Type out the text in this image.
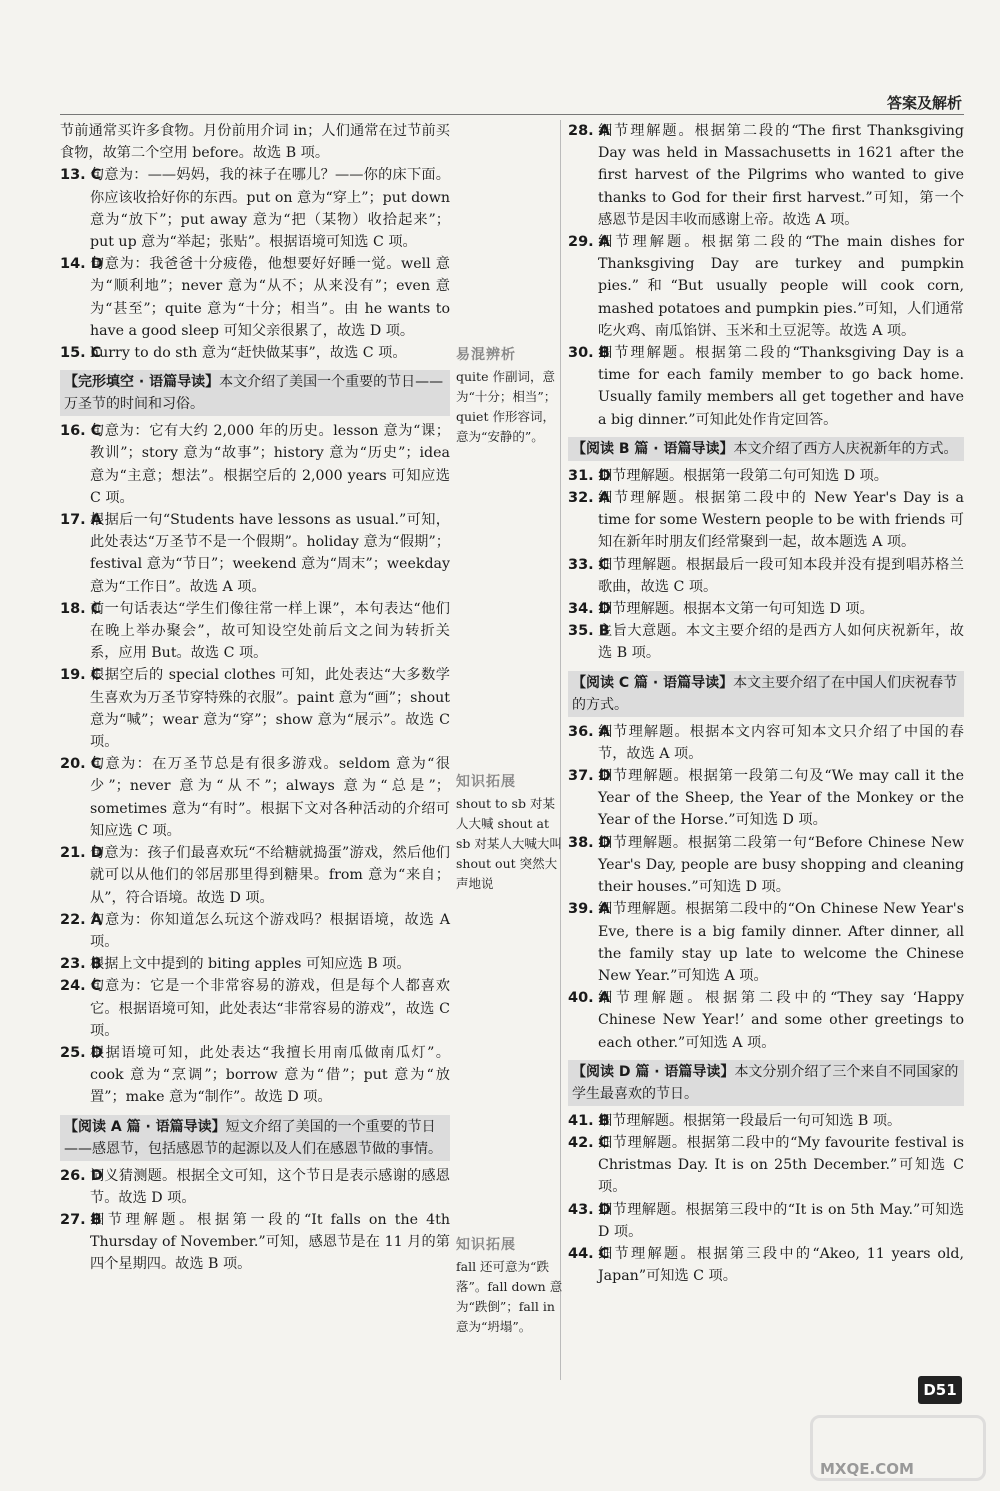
答案及解析

节前通常买许多食物。月份前用介词 in；人们通常在过节前买食物，故第二个空用 before。故选 B 项。

13. C
句意为：——妈妈，我的袜子在哪儿？——你的床下面。你应该收拾好你的东西。put on 意为“穿上”；put down 意为“放下”；put away 意为“把（某物）收拾起来”；put up 意为“举起；张贴”。根据语境可知选 C 项。

14. D
句意为：我爸爸十分疲倦，他想要好好睡一觉。well 意为“顺利地”；never 意为“从不；从来没有”；even 意为“甚至”；quite 意为“十分；相当”。由 he wants to have a good sleep 可知父亲很累了，故选 D 项。

15. C
hurry to do sth 意为“赶快做某事”，故选 C 项。

【完形填空 · 语篇导读】本文介绍了美国一个重要的节日——万圣节的时间和习俗。

16. C
句意为：它有大约 2,000 年的历史。lesson 意为“课；教训”；story 意为“故事”；history 意为“历史”；idea 意为“主意；想法”。根据空后的 2,000 years 可知应选 C 项。

17. A
根据后一句“Students have lessons as usual.”可知，此处表达“万圣节不是一个假期”。holiday 意为“假期”；festival 意为“节日”；weekend 意为“周末”；weekday 意为“工作日”。故选 A 项。

18. C
前一句话表达“学生们像往常一样上课”，本句表达“他们在晚上举办聚会”，故可知设空处前后文之间为转折关系，应用 But。故选 C 项。

19. C
根据空后的 special clothes 可知，此处表达“大多数学生喜欢为万圣节穿特殊的衣服”。paint 意为“画”；shout 意为“喊”；wear 意为“穿”；show 意为“展示”。故选 C 项。

20. C
句意为：在万圣节总是有很多游戏。seldom 意为“很少”；never 意为“从不”；always 意为“总是”；sometimes 意为“有时”。根据下文对各种活动的介绍可知应选 C 项。

21. D
句意为：孩子们最喜欢玩“不给糖就捣蛋”游戏，然后他们就可以从他们的邻居那里得到糖果。from 意为“来自；从”，符合语境。故选 D 项。

22. A
句意为：你知道怎么玩这个游戏吗？根据语境，故选 A 项。

23. B
根据上文中提到的 biting apples 可知应选 B 项。

24. C
句意为：它是一个非常容易的游戏，但是每个人都喜欢它。根据语境可知，此处表达“非常容易的游戏”，故选 C 项。

25. D
根据语境可知，此处表达“我擅长用南瓜做南瓜灯”。cook 意为“烹调”；borrow 意为“借”；put 意为“放置”；make 意为“制作”。故选 D 项。

【阅读 A 篇 · 语篇导读】短文介绍了美国的一个重要的节日——感恩节，包括感恩节的起源以及人们在感恩节做的事情。

26. D
词义猜测题。根据全文可知，这个节日是表示感谢的感恩节。故选 D 项。

27. B
细节理解题。根据第一段的“It falls on the 4th Thursday of November.”可知，感恩节是在 11 月的第四个星期四。故选 B 项。

易混辨析
quite 作副词，意为“十分；相当”；quiet 作形容词，意为“安静的”。
知识拓展
shout to sb 对某人大喊 shout at sb 对某人大喊大叫 shout out 突然大声地说
知识拓展
fall 还可意为“跌落”。fall down 意为“跌倒”；fall in 意为“坍塌”。

28. A
细节理解题。根据第二段的“The first Thanksgiving Day was held in Massachusetts in 1621 after the first harvest of the Pilgrims who wanted to give thanks to God for their first harvest.”可知，第一个感恩节是因丰收而感谢上帝。故选 A 项。

29. A
细节理解题。根据第二段的“The main dishes for Thanksgiving Day are turkey and pumpkin pies.”和“But usually people will cook corn, mashed potatoes and pumpkin pies.”可知，人们通常吃火鸡、南瓜馅饼、玉米和土豆泥等。故选 A 项。

30. B
细节理解题。根据第二段的“Thanksgiving Day is a time for each family member to go back home. Usually family members all get together and have a big dinner.”可知此处作肯定回答。

【阅读 B 篇 · 语篇导读】本文介绍了西方人庆祝新年的方式。

31. D
细节理解题。根据第一段第二句可知选 D 项。

32. A
细节理解题。根据第二段中的 New Year's Day is a time for some Western people to be with friends 可知在新年时朋友们经常聚到一起，故本题选 A 项。

33. C
细节理解题。根据最后一段可知本段并没有提到唱苏格兰歌曲，故选 C 项。

34. D
细节理解题。根据本文第一句可知选 D 项。

35. B
主旨大意题。本文主要介绍的是西方人如何庆祝新年，故选 B 项。

【阅读 C 篇 · 语篇导读】本文主要介绍了在中国人们庆祝春节的方式。

36. A
细节理解题。根据本文内容可知本文只介绍了中国的春节，故选 A 项。

37. D
细节理解题。根据第一段第二句及“We may call it the Year of the Sheep, the Year of the Monkey or the Year of the Horse.”可知选 D 项。

38. D
细节理解题。根据第二段第一句“Before Chinese New Year's Day, people are busy shopping and cleaning their houses.”可知选 D 项。

39. A
细节理解题。根据第二段中的“On Chinese New Year's Eve, there is a big family dinner. After dinner, all the family stay up late to welcome the Chinese New Year.”可知选 A 项。

40. A
细节理解题。根据第二段中的“They say ‘Happy Chinese New Year!’ and some other greetings to each other.”可知选 A 项。

【阅读 D 篇 · 语篇导读】本文分别介绍了三个来自不同国家的学生最喜欢的节日。

41. B
细节理解题。根据第一段最后一句可知选 B 项。

42. C
细节理解题。根据第二段中的“My favourite festival is Christmas Day. It is on 25th December.”可知选 C 项。

43. D
细节理解题。根据第三段中的“It is on 5th May.”可知选 D 项。

44. C
细节理解题。根据第三段中的“Akeo, 11 years old, Japan”可知选 C 项。

D51
MXQE.COM
